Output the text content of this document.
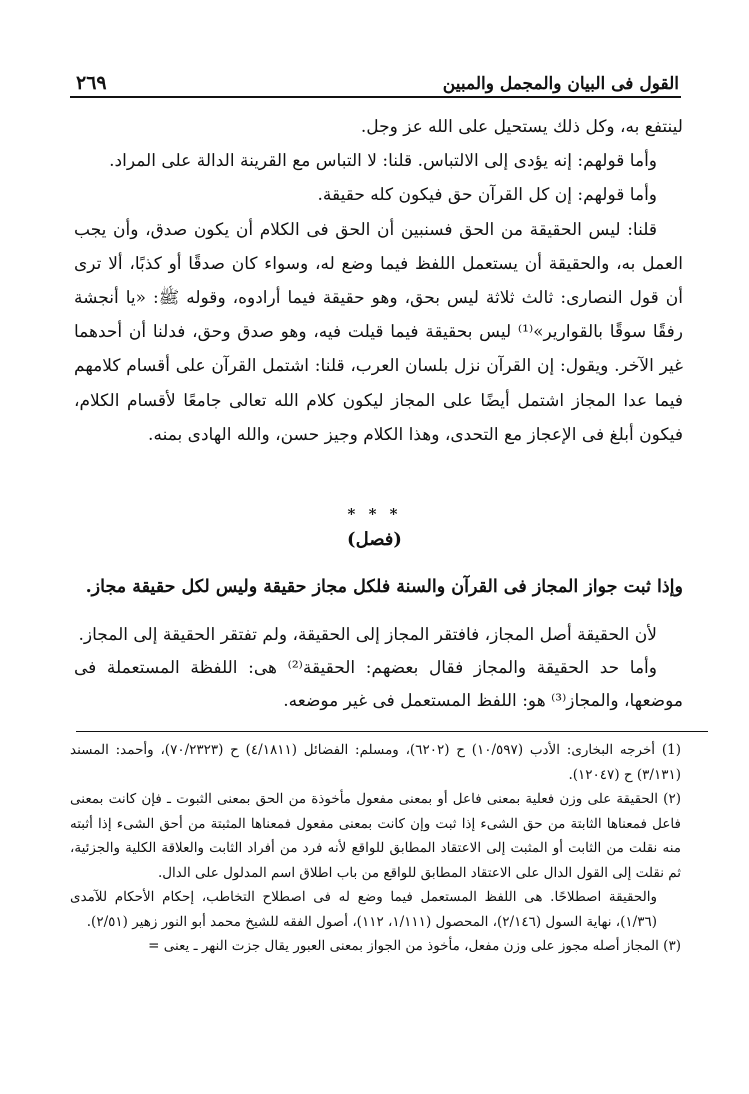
٢٦٩	القول فى البيان والمجمل والمبين

لينتفع به، وكل ذلك يستحيل على الله عز وجل.

وأما قولهم: إنه يؤدى إلى الالتباس. قلنا: لا التباس مع القرينة الدالة على المراد.

وأما قولهم: إن كل القرآن حق فيكون كله حقيقة.

قلنا: ليس الحقيقة من الحق فسنبين أن الحق فى الكلام أن يكون صدق، وأن يجب العمل به، والحقيقة أن يستعمل اللفظ فيما وضع له، وسواء كان صدقًا أو كذبًا، ألا ترى أن قول النصارى: ثالث ثلاثة ليس بحق، وهو حقيقة فيما أرادوه، وقوله ﷺ: «يا أنجشة رفقًا سوقًا بالقوارير»⁽¹⁾ ليس بحقيقة فيما قيلت فيه، وهو صدق وحق، فدلنا أن أحدهما غير الآخر. ويقول: إن القرآن نزل بلسان العرب، قلنا: اشتمل القرآن على أقسام كلامهم فيما عدا المجاز اشتمل أيضًا على المجاز ليكون كلام الله تعالى جامعًا لأقسام الكلام، فيكون أبلغ فى الإعجاز مع التحدى، وهذا الكلام وجيز حسن، والله الهادى بمنه.

* * *
(فصل)
وإذا ثبت جواز المجاز فى القرآن والسنة فلكل مجاز حقيقة وليس لكل حقيقة مجاز.

لأن الحقيقة أصل المجاز، فافتقر المجاز إلى الحقيقة، ولم تفتقر الحقيقة إلى المجاز.

وأما حد الحقيقة والمجاز فقال بعضهم: الحقيقة⁽²⁾ هى: اللفظة المستعملة فى موضعها، والمجاز⁽³⁾ هو: اللفظ المستعمل فى غير موضعه.

(1) أخرجه البخارى: الأدب (١٠/٥٩٧) ح (٦٢٠٢)، ومسلم: الفضائل (٤/١٨١١) ح (٧٠/٢٣٢٣)، وأحمد: المسند (٣/١٣١) ح (١٢٠٤٧).

(٢) الحقيقة على وزن فعلية بمعنى فاعل أو بمعنى مفعول مأخوذة من الحق بمعنى الثبوت ـ فإن كانت بمعنى فاعل فمعناها الثابتة من حق الشىء إذا ثبت وإن كانت بمعنى مفعول فمعناها المثبتة من أحق الشىء إذا أثبته منه نقلت من الثابت أو المثبت إلى الاعتقاد المطابق للواقع لأنه فرد من أفراد الثابت والعلاقة الكلية والجزئية، ثم نقلت إلى القول الدال على الاعتقاد المطابق للواقع من باب اطلاق اسم المدلول على الدال.

والحقيقة اصطلاحًا. هى اللفظ المستعمل فيما وضع له فى اصطلاح التخاطب، إحكام الأحكام للآمدى (١/٣٦)، نهاية السول (٢/١٤٦)، المحصول (١/١١١، ١١٢)، أصول الفقه للشيخ محمد أبو النور زهير (٢/٥١).

(٣) المجاز أصله مجوز على وزن مفعل، مأخوذ من الجواز بمعنى العبور يقال جزت النهر ـ يعنى =
